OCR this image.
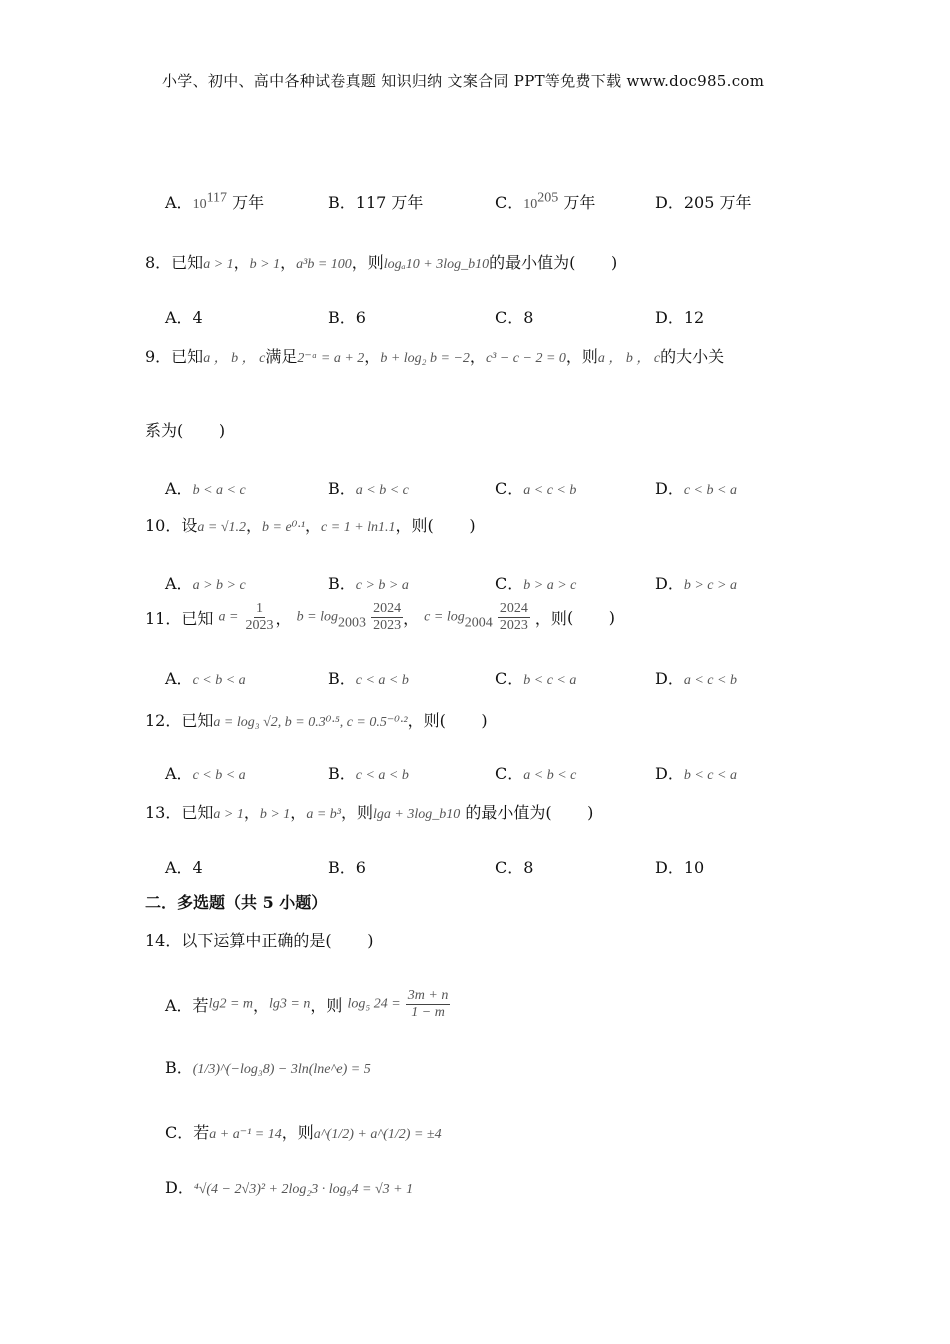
小学、初中、高中各种试卷真题 知识归纳 文案合同 PPT等免费下载 www.doc985.com
A．$10^{117}$ 万年	B．117 万年	C．$10^{205}$ 万年	D．205 万年
8．已知a > 1，b > 1，a³b = 100，则logₐ10 + 3log_b10的最小值为(       )
A．4	B．6	C．8	D．12
9．已知a ， b ， c满足2⁻ᵃ = a + 2，b + log₂ b = −2，c³ − c − 2 = 0，则a ， b ， c的大小关
系为(       )
A．b < a < c	B．a < b < c	C．a < c < b	D．c < b < a
10．设a = √1.2，b = e⁰·¹，c = 1 + ln1.1，则(       )
A．a > b > c	B．c > b > a	C．b > a > c	D．b > c > a
11．已知 $a = \frac{1}{2023}$ ， $b = \log_{2003} \frac{2024}{2023}$ ， $c = \log_{2004} \frac{2024}{2023}$ ，则(       )
A．c < b < a	B．c < a < b	C．b < c < a	D．a < c < b
12．已知a = log₃ √2, b = 0.3⁰·⁵, c = 0.5⁻⁰·²，则(       )
A．c < b < a	B．c < a < b	C．a < b < c	D．b < c < a
13．已知a > 1，b > 1，a = b³，则lga + 3log_b10 的最小值为(       )
A．4	B．6	C．8	D．10
二．多选题（共 5 小题）
14．以下运算中正确的是(       )
A．若lg2 = m，lg3 = n，则 log₅ $24 = \frac{3m + n}{1 - m}$
B．(1/3)^(−log₃8) − 3ln(lne^e) = 5
C．若a + a⁻¹ = 14，则a^(1/2) + a^(1/2) = ±4
D．⁴√(4 − 2√3)² + 2log₂3 · log₉4 = √3 + 1
